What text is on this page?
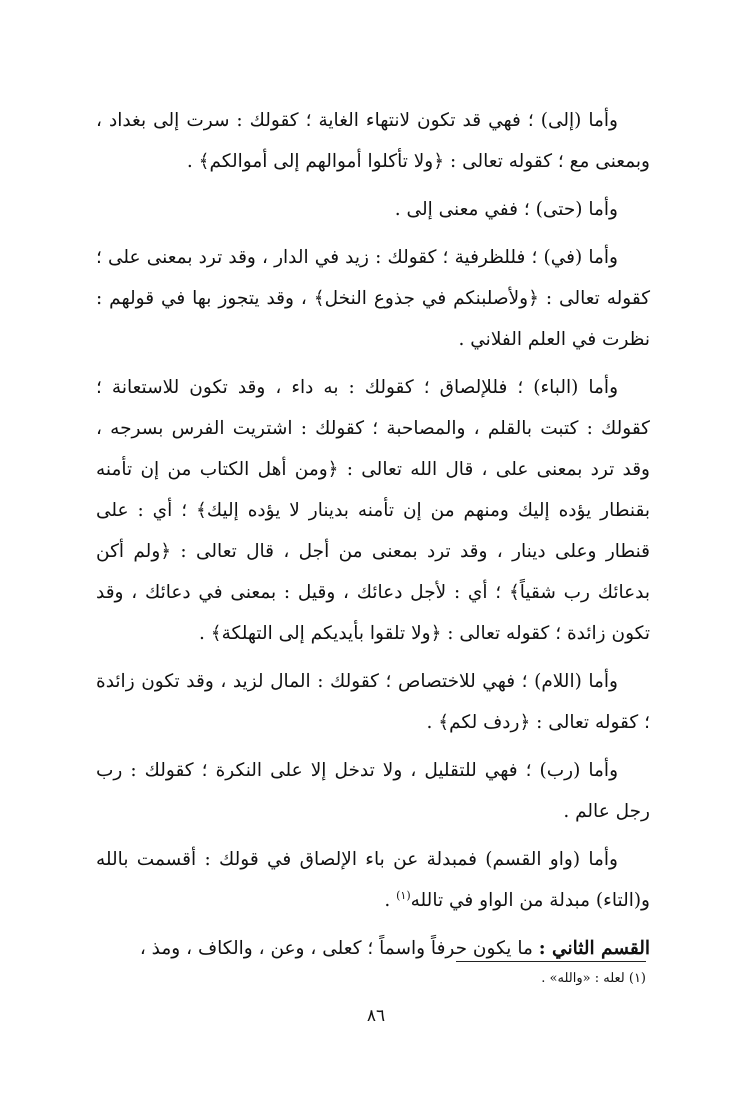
وأما (إلى) ؛ فهي قد تكون لانتهاء الغاية ؛ كقولك : سرت إلى بغداد ، وبمعنى مع ؛ كقوله تعالى : ﴿ولا تأكلوا أموالهم إلى أموالكم﴾ .

وأما (حتى) ؛ ففي معنى إلى .

وأما (في) ؛ فللظرفية ؛ كقولك : زيد في الدار ، وقد ترد بمعنى على ؛ كقوله تعالى : ﴿ولأصلبنكم في جذوع النخل﴾ ، وقد يتجوز بها في قولهم : نظرت في العلم الفلاني .

وأما (الباء) ؛ فللإلصاق ؛ كقولك : به داء ، وقد تكون للاستعانة ؛ كقولك : كتبت بالقلم ، والمصاحبة ؛ كقولك : اشتريت الفرس بسرجه ، وقد ترد بمعنى على ، قال الله تعالى : ﴿ومن أهل الكتاب من إن تأمنه بقنطار يؤده إليك ومنهم من إن تأمنه بدينار لا يؤده إليك﴾ ؛ أي : على قنطار وعلى دينار ، وقد ترد بمعنى من أجل ، قال تعالى : ﴿ولم أكن بدعائك رب شقياً﴾ ؛ أي : لأجل دعائك ، وقيل : بمعنى في دعائك ، وقد تكون زائدة ؛ كقوله تعالى : ﴿ولا تلقوا بأيديكم إلى التهلكة﴾ .

وأما (اللام) ؛ فهي للاختصاص ؛ كقولك : المال لزيد ، وقد تكون زائدة ؛ كقوله تعالى : ﴿ردف لكم﴾ .

وأما (رب) ؛ فهي للتقليل ، ولا تدخل إلا على النكرة ؛ كقولك : رب رجل عالم .

وأما (واو القسم) فمبدلة عن باء الإلصاق في قولك : أقسمت بالله و(التاء) مبدلة من الواو في تالله$^{(١)}$ .

القسم الثاني : ما يكون حرفاً واسماً ؛ كعلى ، وعن ، والكاف ، ومذ ،

(١) لعله : «والله» .
٨٦
